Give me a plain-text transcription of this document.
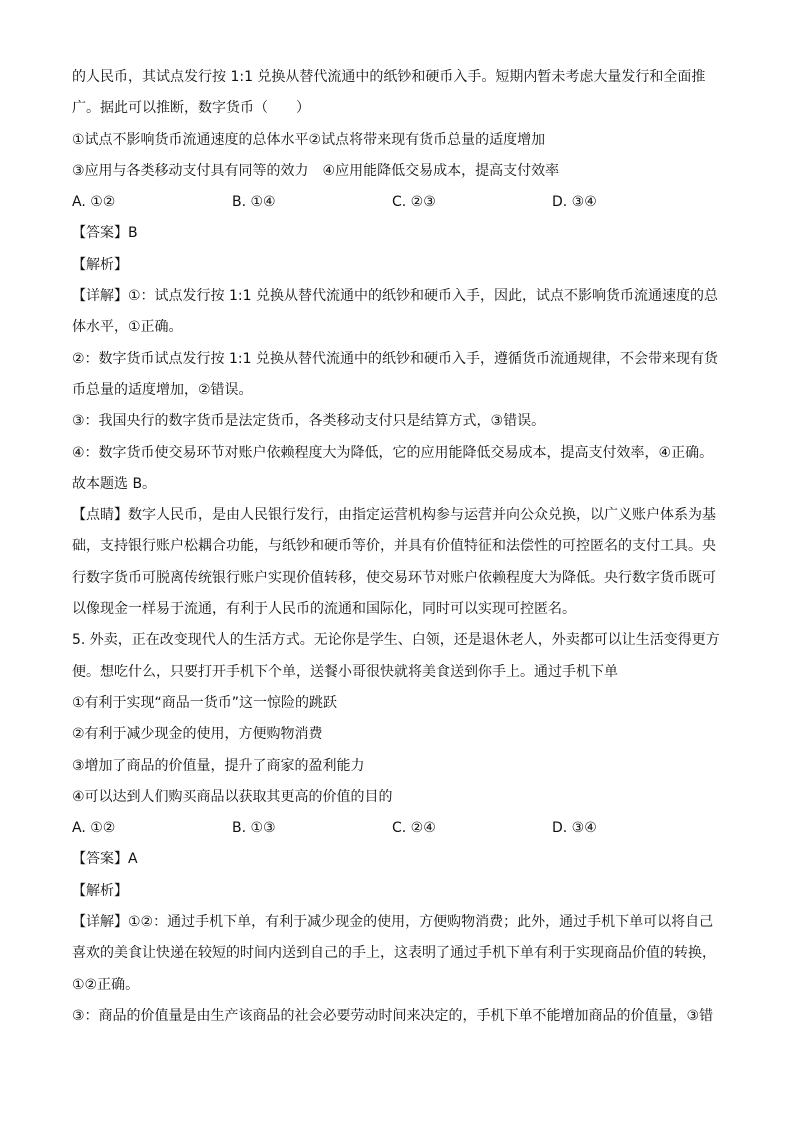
的人民币，其试点发行按 1:1 兑换从替代流通中的纸钞和硬币入手。短期内暂未考虑大量发行和全面推
广。据此可以推断，数字货币（　　）
①试点不影响货币流通速度的总体水平②试点将带来现有货币总量的适度增加
③应用与各类移动支付具有同等的效力　④应用能降低交易成本，提高支付效率
A. ①②	B. ①④	C. ②③	D. ③④
【答案】B
【解析】
【详解】①：试点发行按 1:1 兑换从替代流通中的纸钞和硬币入手，因此，试点不影响货币流通速度的总
体水平，①正确。
②：数字货币试点发行按 1:1 兑换从替代流通中的纸钞和硬币入手，遵循货币流通规律，不会带来现有货
币总量的适度增加，②错误。
③：我国央行的数字货币是法定货币，各类移动支付只是结算方式，③错误。
④：数字货币使交易环节对账户依赖程度大为降低，它的应用能降低交易成本，提高支付效率，④正确。
故本题选 B。
【点睛】数字人民币，是由人民银行发行，由指定运营机构参与运营并向公众兑换，以广义账户体系为基
础，支持银行账户松耦合功能，与纸钞和硬币等价，并具有价值特征和法偿性的可控匿名的支付工具。央
行数字货币可脱离传统银行账户实现价值转移，使交易环节对账户依赖程度大为降低。央行数字货币既可
以像现金一样易于流通，有利于人民币的流通和国际化，同时可以实现可控匿名。
5. 外卖，正在改变现代人的生活方式。无论你是学生、白领，还是退休老人，外卖都可以让生活变得更方
便。想吃什么，只要打开手机下个单，送餐小哥很快就将美食送到你手上。通过手机下单
①有利于实现“商品一货币”这一惊险的跳跃
②有利于减少现金的使用，方便购物消费
③增加了商品的价值量，提升了商家的盈利能力
④可以达到人们购买商品以获取其更高的价值的目的
A. ①②	B. ①③	C. ②④	D. ③④
【答案】A
【解析】
【详解】①②：通过手机下单，有利于减少现金的使用，方便购物消费；此外，通过手机下单可以将自己
喜欢的美食让快递在较短的时间内送到自己的手上，这表明了通过手机下单有利于实现商品价值的转换，
①②正确。
③：商品的价值量是由生产该商品的社会必要劳动时间来决定的，手机下单不能增加商品的价值量，③错
